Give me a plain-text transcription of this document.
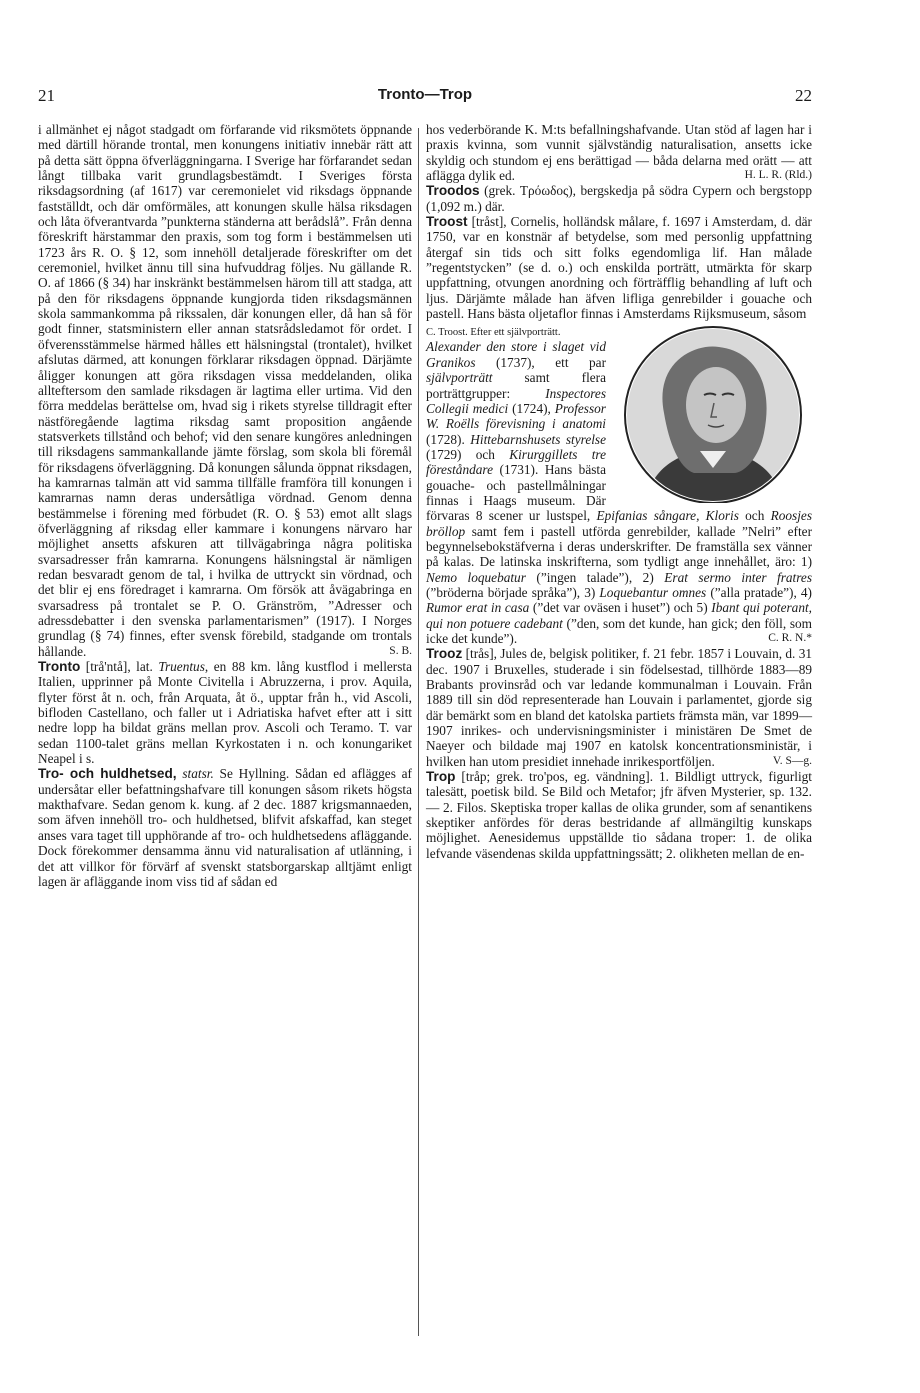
21	Tronto—Trop	22

i allmänhet ej något stadgadt om förfarande vid riksmötets öppnande med därtill hörande trontal, men konungens initiativ innebär rätt att på detta sätt öppna öfverläggningarna. I Sverige har förfarandet sedan långt tillbaka varit grundlagsbestämdt. I Sveriges första riksdagsordning (af 1617) var ceremonielet vid riksdags öppnande fastställdt, och där omförmäles, att konungen skulle hälsa riksdagen och låta öfverantvarda ”punkterna ständerna att berådslå”. Från denna föreskrift härstammar den praxis, som tog form i bestämmelsen uti 1723 års R. O. § 12, som innehöll detaljerade föreskrifter om det ceremoniel, hvilket ännu till sina hufvuddrag följes. Nu gällande R. O. af 1866 (§ 34) har inskränkt bestämmelsen härom till att stadga, att på den för riksdagens öppnande kungjorda tiden riksdagsmännen skola sammankomma på rikssalen, där konungen eller, då han så för godt finner, statsministern eller annan statsrådsledamot för ordet. I öfverensstämmelse härmed hålles ett hälsningstal (trontalet), hvilket afslutas därmed, att konungen förklarar riksdagen öppnad. Därjämte åligger konungen att göra riksdagen vissa meddelanden, olika allteftersom den samlade riksdagen är lagtima eller urtima. Vid den förra meddelas berättelse om, hvad sig i rikets styrelse tilldragit efter nästföregående lagtima riksdag samt proposition angående statsverkets tillstånd och behof; vid den senare kungöres anledningen till riksdagens sammankallande jämte förslag, som skola bli föremål för riksdagens öfverläggning. Då konungen sålunda öppnat riksdagen, ha kamrarnas talmän att vid samma tillfälle framföra till konungen i kamrarnas namn deras undersåtliga vördnad. Genom denna bestämmelse i förening med förbudet (R. O. § 53) emot allt slags öfverläggning af riksdag eller kammare i konungens närvaro har möjlighet ansetts afskuren att tillvägabringa några politiska svarsadresser från kamrarna. Konungens hälsningstal är nämligen redan besvaradt genom de tal, i hvilka de uttryckt sin vördnad, och det blir ej ens föredraget i kamrarna. Om försök att åvägabringa en svarsadress på trontalet se P. O. Gränström, ”Adresser och adressdebatter i den svenska parlamentarismen” (1917). I Norges grundlag (§ 74) finnes, efter svensk förebild, stadgande om trontals hållande.	S. B.

Tronto [trå'ntå], lat. Truentus, en 88 km. lång kustflod i mellersta Italien, upprinner på Monte Civitella i Abruzzerna, i prov. Aquila, flyter först åt n. och, från Arquata, åt ö., upptar från h., vid Ascoli, bifloden Castellano, och faller ut i Adriatiska hafvet efter att i sitt nedre lopp ha bildat gräns mellan prov. Ascoli och Teramo. T. var sedan 1100-talet gräns mellan Kyrkostaten i n. och konungariket Neapel i s.

Tro- och huldhetsed, statsr. Se Hyllning. Sådan ed aflägges af undersåtar eller befattningshafvare till konungen såsom rikets högsta makthafvare. Sedan genom k. kung. af 2 dec. 1887 krigsmannaeden, som äfven innehöll tro- och huldhetsed, blifvit afskaffad, kan steget anses vara taget till upphörande af tro- och huldhetsedens afläggande. Dock förekommer densamma ännu vid naturalisation af utlänning, i det att villkor för förvärf af svenskt statsborgarskap alltjämt enligt lagen är afläggande inom viss tid af sådan ed

hos vederbörande K. M:ts befallningshafvande. Utan stöd af lagen har i praxis kvinna, som vunnit självständig naturalisation, ansetts icke skyldig och stundom ej ens berättigad — båda delarna med orätt — att aflägga dylik ed.	H. L. R. (Rld.)

Troodos (grek. Τρόωδος), bergskedja på södra Cypern och bergstopp (1,092 m.) där.

Troost [tråst], Cornelis, holländsk målare, f. 1697 i Amsterdam, d. där 1750, var en konstnär af betydelse, som med personlig uppfattning återgaf sin tids och sitt folks egendomliga lif. Han målade ”regentstycken” (se d. o.) och enskilda porträtt, utmärkta för skarp uppfattning, otvungen anordning och förträfflig behandling af luft och ljus. Därjämte målade han äfven lifliga genrebilder i gouache och pastell. Hans bästa oljetaflor finnas i Amsterdams Rijksmuseum, såsom

C. Troost. Efter ett självporträtt.
Alexander den store i slaget vid Granikos (1737), ett par självporträtt samt flera porträttgrupper: Inspectores Collegii medici (1724), Professor W. Roëlls förevisning i anatomi (1728). Hittebarnshusets styrelse (1729) och Kirurggillets tre föreståndare (1731). Hans bästa gouache- och pastellmålningar finnas i Haags museum. Där förvaras 8 scener ur lustspel, Epifanias sångare, Kloris och Roosjes bröllop samt fem i pastell utförda genrebilder, kallade ”Nelri” efter begynnelsebokstäfverna i deras underskrifter. De framställa sex vänner på kalas. De latinska inskrifterna, som tydligt ange innehållet, äro: 1) Nemo loquebatur (”ingen talade”), 2) Erat sermo inter fratres (”bröderna började språka”), 3) Loquebantur omnes (”alla pratade”), 4) Rumor erat in casa (”det var oväsen i huset”) och 5) Ibant qui poterant, qui non potuere cadebant (”den, som det kunde, han gick; den föll, som icke det kunde”).	C. R. N.*

Trooz [trås], Jules de, belgisk politiker, f. 21 febr. 1857 i Louvain, d. 31 dec. 1907 i Bruxelles, studerade i sin födelsestad, tillhörde 1883—89 Brabants provinsråd och var ledande kommunalman i Louvain. Från 1889 till sin död representerade han Louvain i parlamentet, gjorde sig där bemärkt som en bland det katolska partiets främsta män, var 1899—1907 inrikes- och undervisningsminister i ministären De Smet de Naeyer och bildade maj 1907 en katolsk koncentrationsministär, i hvilken han utom presidiet innehade inrikesportföljen.	V. S—g.

Trop [tråp; grek. tro'pos, eg. vändning]. 1. Bildligt uttryck, figurligt talesätt, poetisk bild. Se Bild och Metafor; jfr äfven Mysterier, sp. 132. — 2. Filos. Skeptiska troper kallas de olika grunder, som af senantikens skeptiker anfördes för deras bestridande af allmängiltig kunskaps möjlighet. Aenesidemus uppställde tio sådana troper: 1. de olika lefvande väsendenas skilda uppfattningssätt; 2. olikheten mellan de en-
